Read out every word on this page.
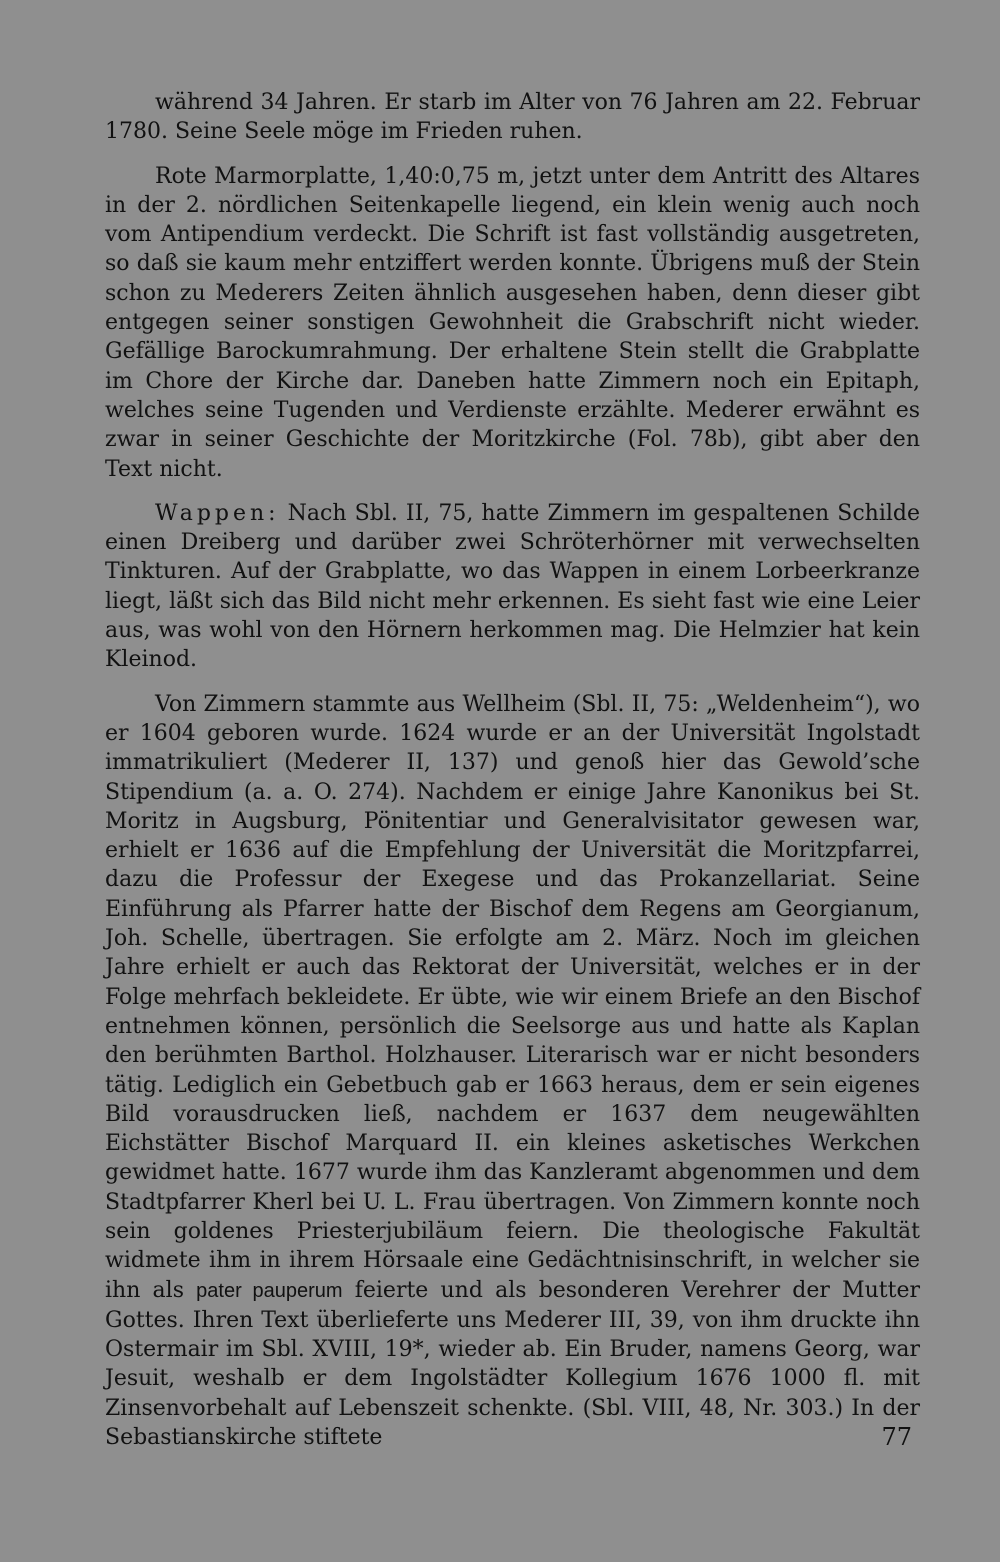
während 34 Jahren. Er starb im Alter von 76 Jahren am 22. Februar 1780. Seine Seele möge im Frieden ruhen.

Rote Marmorplatte, 1,40:0,75 m, jetzt unter dem Antritt des Altares in der 2. nördlichen Seitenkapelle liegend, ein klein wenig auch noch vom Antipendium verdeckt. Die Schrift ist fast vollständig ausgetreten, so daß sie kaum mehr entziffert werden konnte. Übrigens muß der Stein schon zu Mederers Zeiten ähnlich ausgesehen haben, denn dieser gibt entgegen seiner sonstigen Gewohnheit die Grabschrift nicht wieder. Gefällige Barockumrahmung. Der erhaltene Stein stellt die Grabplatte im Chore der Kirche dar. Daneben hatte Zimmern noch ein Epitaph, welches seine Tugenden und Verdienste erzählte. Mederer erwähnt es zwar in seiner Geschichte der Moritzkirche (Fol. 78b), gibt aber den Text nicht.

Wappen: Nach Sbl. II, 75, hatte Zimmern im gespaltenen Schilde einen Dreiberg und darüber zwei Schröterhörner mit verwechselten Tinkturen. Auf der Grabplatte, wo das Wappen in einem Lorbeerkranze liegt, läßt sich das Bild nicht mehr erkennen. Es sieht fast wie eine Leier aus, was wohl von den Hörnern herkommen mag. Die Helmzier hat kein Kleinod.

Von Zimmern stammte aus Wellheim (Sbl. II, 75: „Weldenheim“), wo er 1604 geboren wurde. 1624 wurde er an der Universität Ingolstadt immatrikuliert (Mederer II, 137) und genoß hier das Gewold’sche Stipendium (a. a. O. 274). Nachdem er einige Jahre Kanonikus bei St. Moritz in Augsburg, Pönitentiar und Generalvisitator gewesen war, erhielt er 1636 auf die Empfehlung der Universität die Moritzpfarrei, dazu die Professur der Exegese und das Prokanzellariat. Seine Einführung als Pfarrer hatte der Bischof dem Regens am Georgianum, Joh. Schelle, übertragen. Sie erfolgte am 2. März. Noch im gleichen Jahre erhielt er auch das Rektorat der Universität, welches er in der Folge mehrfach bekleidete. Er übte, wie wir einem Briefe an den Bischof entnehmen können, persönlich die Seelsorge aus und hatte als Kaplan den berühmten Barthol. Holzhauser. Literarisch war er nicht besonders tätig. Lediglich ein Gebetbuch gab er 1663 heraus, dem er sein eigenes Bild vorausdrucken ließ, nachdem er 1637 dem neugewählten Eichstätter Bischof Marquard II. ein kleines asketisches Werkchen gewidmet hatte. 1677 wurde ihm das Kanzleramt abgenommen und dem Stadtpfarrer Kherl bei U. L. Frau übertragen. Von Zimmern konnte noch sein goldenes Priesterjubiläum feiern. Die theologische Fakultät widmete ihm in ihrem Hörsaale eine Gedächtnisinschrift, in welcher sie ihn als pater pauperum feierte und als besonderen Verehrer der Mutter Gottes. Ihren Text überlieferte uns Mederer III, 39, von ihm druckte ihn Ostermair im Sbl. XVIII, 19*, wieder ab. Ein Bruder, namens Georg, war Jesuit, weshalb er dem Ingolstädter Kollegium 1676 1000 fl. mit Zinsenvorbehalt auf Lebenszeit schenkte. (Sbl. VIII, 48, Nr. 303.) In der Sebastianskirche stiftete	77
